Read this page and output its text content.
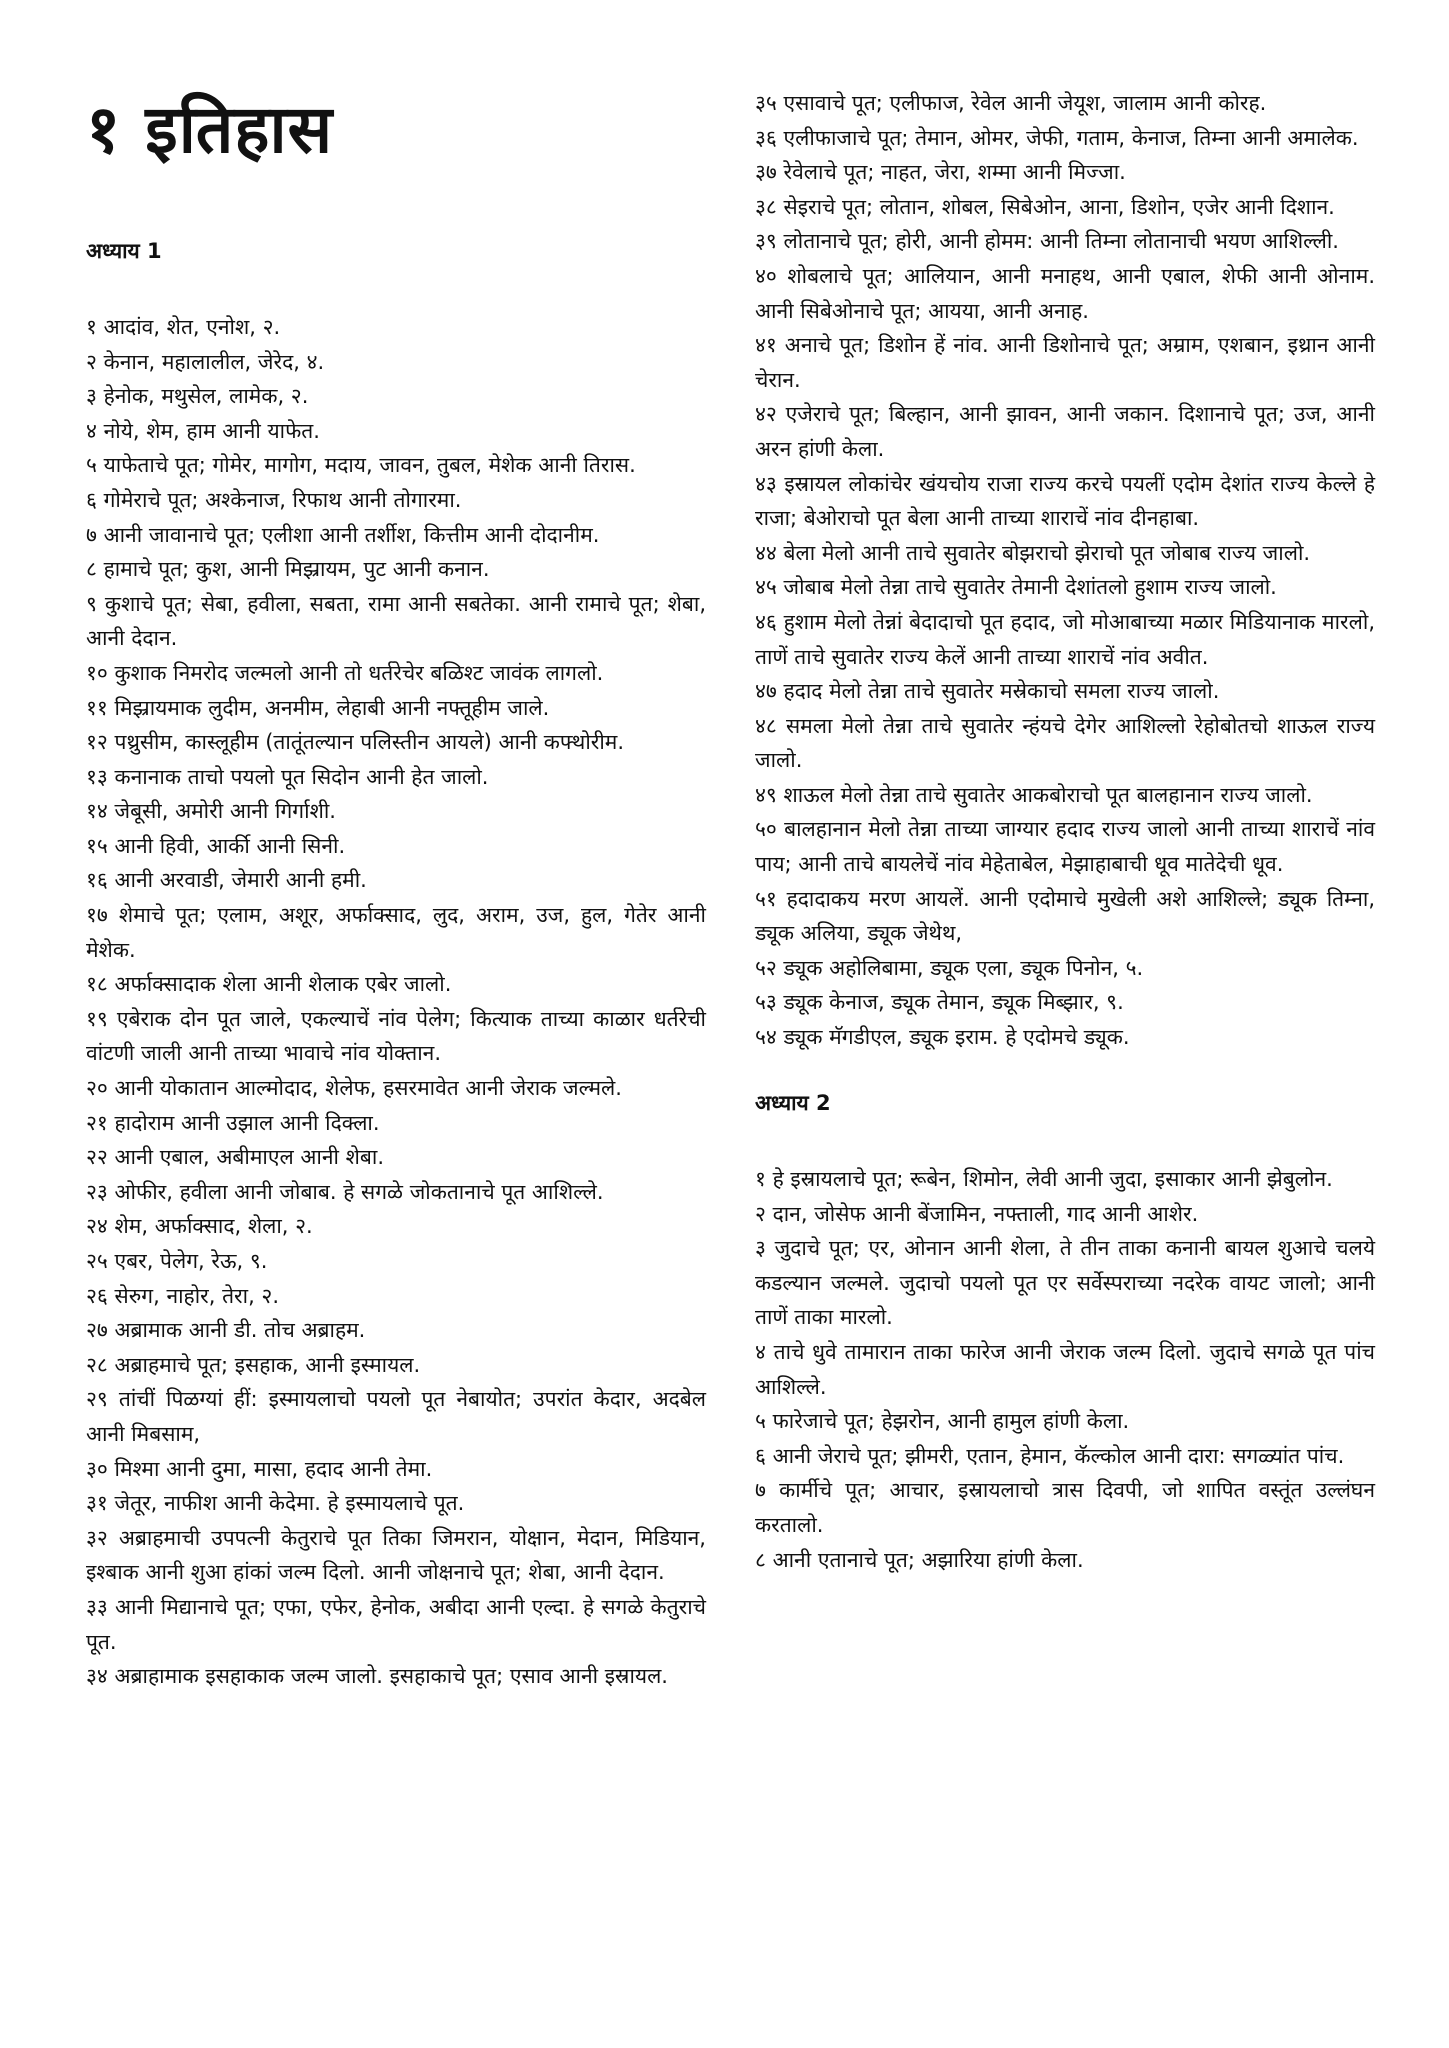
१ इतिहास
अध्याय 1

१ आदांव, शेत, एनोश, २.

२ केनान, महालालील, जेरेद, ४.

३ हेनोक, मथुसेल, लामेक, २.

४ नोये, शेम, हाम आनी याफेत.

५ याफेताचे पूत; गोमेर, मागोग, मदाय, जावन, तुबल, मेशेक आनी तिरास.

६ गोमेराचे पूत; अश्केनाज, रिफाथ आनी तोगारमा.

७ आनी जावानाचे पूत; एलीशा आनी तर्शीश, कित्तीम आनी दोदानीम.

८ हामाचे पूत; कुश, आनी मिझ्रायम, पुट आनी कनान.

९ कुशाचे पूत; सेबा, हवीला, सबता, रामा आनी सबतेका. आनी रामाचे पूत; शेबा, आनी देदान.

१० कुशाक निमरोद जल्मलो आनी तो धर्तरेचेर बळिश्ट जावंक लागलो.

११ मिझ्रायमाक लुदीम, अनमीम, लेहाबी आनी नफ्तूहीम जाले.

१२ पथ्रुसीम, कास्लूहीम (तातूंतल्यान पलिस्तीन आयले) आनी कफ्थोरीम.

१३ कनानाक ताचो पयलो पूत सिदोन आनी हेत जालो.

१४ जेबूसी, अमोरी आनी गिर्गाशी.

१५ आनी हिवी, आर्की आनी सिनी.

१६ आनी अरवाडी, जेमारी आनी हमी.

१७ शेमाचे पूत; एलाम, अशूर, अर्फाक्साद, लुद, अराम, उज, हुल, गेतेर आनी मेशेक.

१८ अर्फाक्सादाक शेला आनी शेलाक एबेर जालो.

१९ एबेराक दोन पूत जाले, एकल्याचें नांव पेलेग; कित्याक ताच्या काळार धर्तरेची वांटणी जाली आनी ताच्या भावाचे नांव योक्तान.

२० आनी योकातान आल्मोदाद, शेलेफ, हसरमावेत आनी जेराक जल्मले.

२१ हादोराम आनी उझाल आनी दिक्ला.

२२ आनी एबाल, अबीमाएल आनी शेबा.

२३ ओफीर, हवीला आनी जोबाब. हे सगळे जोकतानाचे पूत आशिल्ले.

२४ शेम, अर्फाक्साद, शेला, २.

२५ एबर, पेलेग, रेऊ, ९.

२६ सेरुग, नाहोर, तेरा, २.

२७ अब्रामाक आनी डी. तोच अब्राहम.

२८ अब्राहमाचे पूत; इसहाक, आनी इस्मायल.

२९ तांचीं पिळग्यां हीं: इस्मायलाचो पयलो पूत नेबायोत; उपरांत केदार, अदबेल आनी मिबसाम,

३० मिश्मा आनी दुमा, मासा, हदाद आनी तेमा.

३१ जेतूर, नाफीश आनी केदेमा. हे इस्मायलाचे पूत.

३२ अब्राहमाची उपपत्नी केतुराचे पूत तिका जिमरान, योक्षान, मेदान, मिडियान, इश्बाक आनी शुआ हांकां जल्म दिलो. आनी जोक्षनाचे पूत; शेबा, आनी देदान.

३३ आनी मिद्यानाचे पूत; एफा, एफेर, हेनोक, अबीदा आनी एल्दा. हे सगळे केतुराचे पूत.

३४ अब्राहामाक इसहाकाक जल्म जालो. इसहाकाचे पूत; एसाव आनी इस्रायल.

३५ एसावाचे पूत; एलीफाज, रेवेल आनी जेयूश, जालाम आनी कोरह.

३६ एलीफाजाचे पूत; तेमान, ओमर, जेफी, गताम, केनाज, तिम्ना आनी अमालेक.

३७ रेवेलाचे पूत; नाहत, जेरा, शम्मा आनी मिज्जा.

३८ सेइराचे पूत; लोतान, शोबल, सिबेओन, आना, डिशोन, एजेर आनी दिशान.

३९ लोतानाचे पूत; होरी, आनी होमम: आनी तिम्ना लोतानाची भयण आशिल्ली.

४० शोबलाचे पूत; आलियान, आनी मनाहथ, आनी एबाल, शेफी आनी ओनाम. आनी सिबेओनाचे पूत; आयया, आनी अनाह.

४१ अनाचे पूत; डिशोन हें नांव. आनी डिशोनाचे पूत; अम्राम, एशबान, इथ्रान आनी चेरान.

४२ एजेराचे पूत; बिल्हान, आनी झावन, आनी जकान. दिशानाचे पूत; उज, आनी अरन हांणी केला.

४३ इस्रायल लोकांचेर खंयचोय राजा राज्य करचे पयलीं एदोम देशांत राज्य केल्ले हे राजा; बेओराचो पूत बेला आनी ताच्या शाराचें नांव दीनहाबा.

४४ बेला मेलो आनी ताचे सुवातेर बोझराचो झेराचो पूत जोबाब राज्य जालो.

४५ जोबाब मेलो तेन्ना ताचे सुवातेर तेमानी देशांतलो हुशाम राज्य जालो.

४६ हुशाम मेलो तेन्नां बेदादाचो पूत हदाद, जो मोआबाच्या मळार मिडियानाक मारलो, ताणें ताचे सुवातेर राज्य केलें आनी ताच्या शाराचें नांव अवीत.

४७ हदाद मेलो तेन्ना ताचे सुवातेर मस्रेकाचो समला राज्य जालो.

४८ समला मेलो तेन्ना ताचे सुवातेर न्हंयचे देगेर आशिल्लो रेहोबोतचो शाऊल राज्य जालो.

४९ शाऊल मेलो तेन्ना ताचे सुवातेर आकबोराचो पूत बालहानान राज्य जालो.

५० बालहानान मेलो तेन्ना ताच्या जाग्यार हदाद राज्य जालो आनी ताच्या शाराचें नांव पाय; आनी ताचे बायलेचें नांव मेहेताबेल, मेझाहाबाची धूव मातेदेची धूव.

५१ हदादाकय मरण आयलें. आनी एदोमाचे मुखेली अशे आशिल्ले; ड्यूक तिम्ना, ड्यूक अलिया, ड्यूक जेथेथ,

५२ ड्यूक अहोलिबामा, ड्यूक एला, ड्यूक पिनोन, ५.

५३ ड्यूक केनाज, ड्यूक तेमान, ड्यूक मिब्झार, ९.

५४ ड्यूक मॅगडीएल, ड्यूक इराम. हे एदोमचे ड्यूक.

अध्याय 2

१ हे इस्रायलाचे पूत; रूबेन, शिमोन, लेवी आनी जुदा, इसाकार आनी झेबुलोन.

२ दान, जोसेफ आनी बेंजामिन, नफ्ताली, गाद आनी आशेर.

३ जुदाचे पूत; एर, ओनान आनी शेला, ते तीन ताका कनानी बायल शुआचे चलये कडल्यान जल्मले. जुदाचो पयलो पूत एर सर्वेस्पराच्या नदरेक वायट जालो; आनी ताणें ताका मारलो.

४ ताचे धुवे तामारान ताका फारेज आनी जेराक जल्म दिलो. जुदाचे सगळे पूत पांच आशिल्ले.

५ फारेजाचे पूत; हेझरोन, आनी हामुल हांणी केला.

६ आनी जेराचे पूत; झीमरी, एतान, हेमान, कॅल्कोल आनी दारा: सगळ्यांत पांच.

७ कार्मीचे पूत; आचार, इस्रायलाचो त्रास दिवपी, जो शापित वस्तूंत उल्लंघन करतालो.

८ आनी एतानाचे पूत; अझारिया हांणी केला.
